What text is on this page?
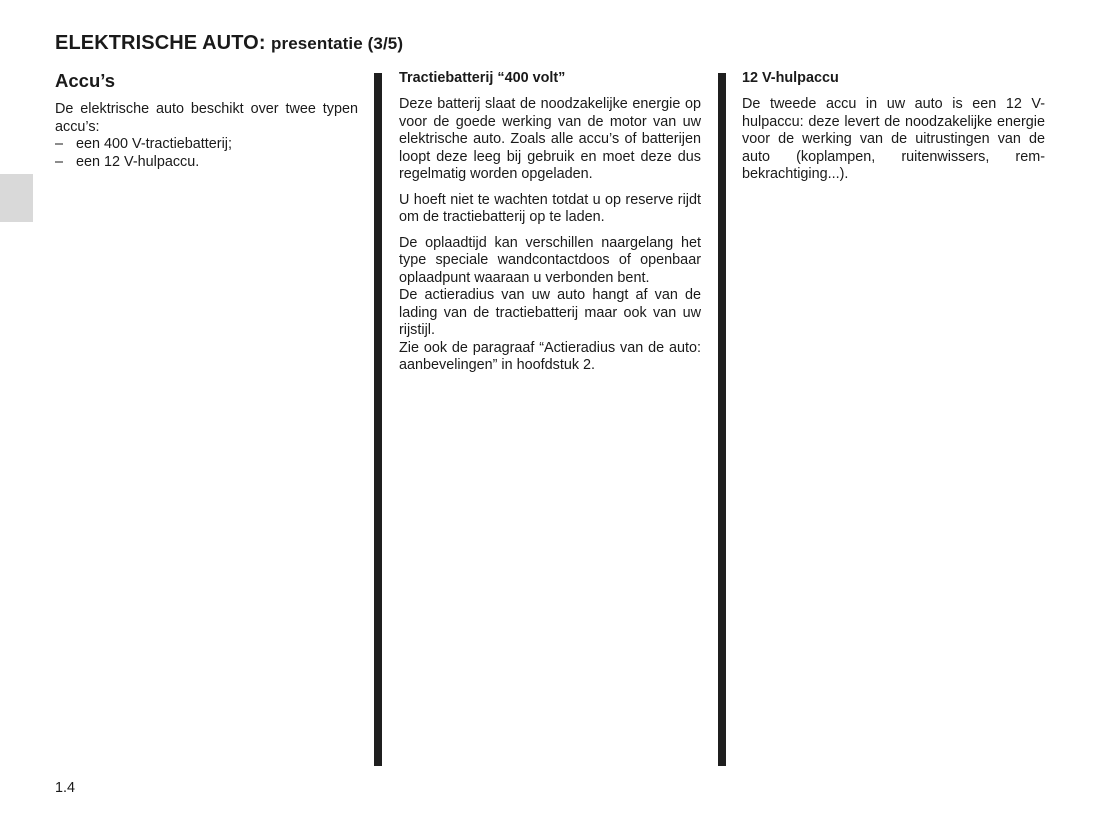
ELEKTRISCHE AUTO: presentatie (3/5)
Accu’s

De elektrische auto beschikt over twee typen accu’s:

– een 400 V-tractiebatterij;
– een 12 V-hulpaccu.
Tractiebatterij “400 volt”

Deze batterij slaat de noodzakelijke energie op voor de goede werking van de motor van uw elektrische auto. Zoals alle accu’s of batterijen loopt deze leeg bij gebruik en moet deze dus regelmatig worden opgeladen.

U hoeft niet te wachten totdat u op reserve rijdt om de tractiebatterij op te laden.

De oplaadtijd kan verschillen naargelang het type speciale wandcontactdoos of openbaar oplaadpunt waaraan u verbonden bent.

De actieradius van uw auto hangt af van de lading van de tractiebatterij maar ook van uw rijstijl.

Zie ook de paragraaf “Actieradius van de auto: aanbevelingen” in hoofdstuk 2.

12 V-hulpaccu

De tweede accu in uw auto is een 12 V-hulpaccu: deze levert de noodzakelijke energie voor de werking van de uitrustingen van de auto (koplampen, ruitenwissers, rembekrachtiging...).

1.4
